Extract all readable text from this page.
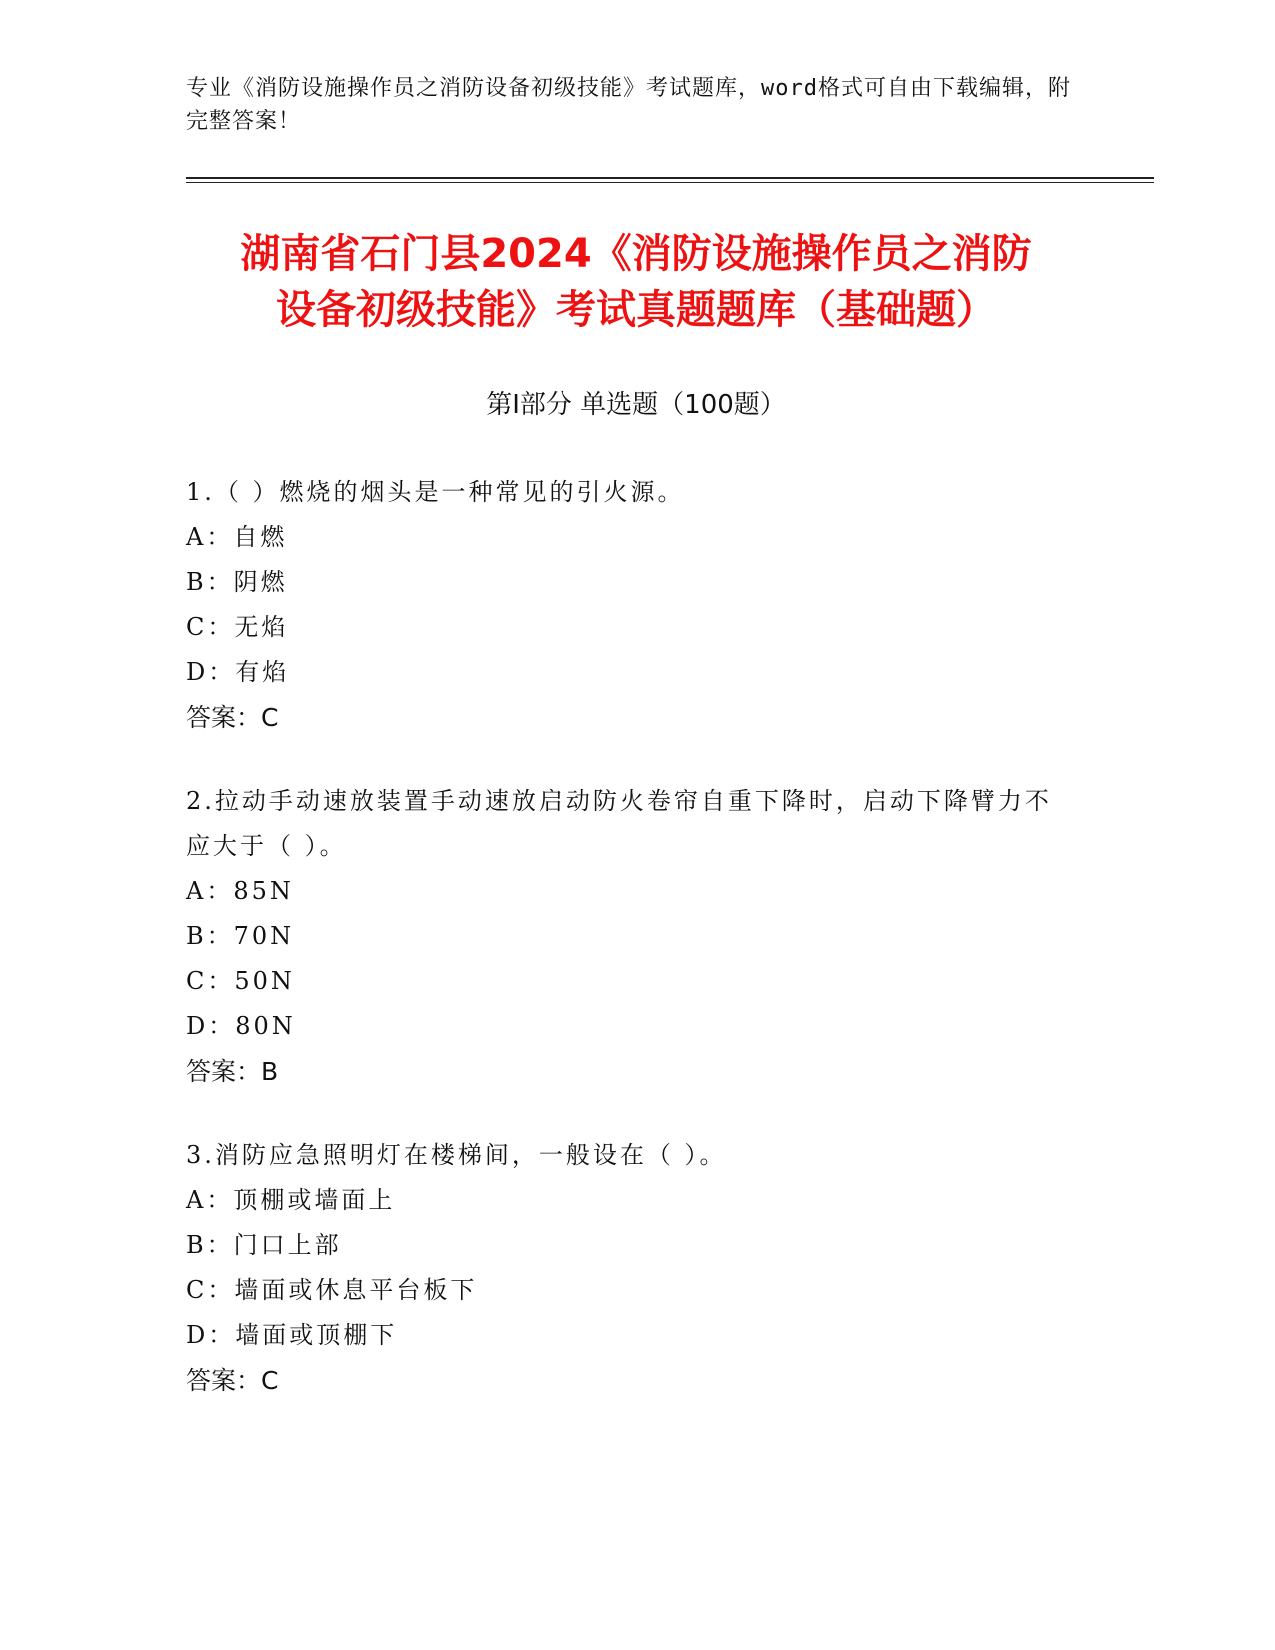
专业《消防设施操作员之消防设备初级技能》考试题库，word格式可自由下载编辑，附完整答案！
湖南省石门县2024《消防设施操作员之消防
设备初级技能》考试真题题库（基础题）
第Ⅰ部分 单选题（100题）

1.（ ）燃烧的烟头是一种常见的引火源。

A：自燃

B：阴燃

C：无焰

D：有焰

答案：C

2.拉动手动速放装置手动速放启动防火卷帘自重下降时，启动下降臂力不应大于（ ）。

A：85N

B：70N

C：50N

D：80N

答案：B

3.消防应急照明灯在楼梯间，一般设在（ ）。

A：顶棚或墙面上

B：门口上部

C：墙面或休息平台板下

D：墙面或顶棚下

答案：C
